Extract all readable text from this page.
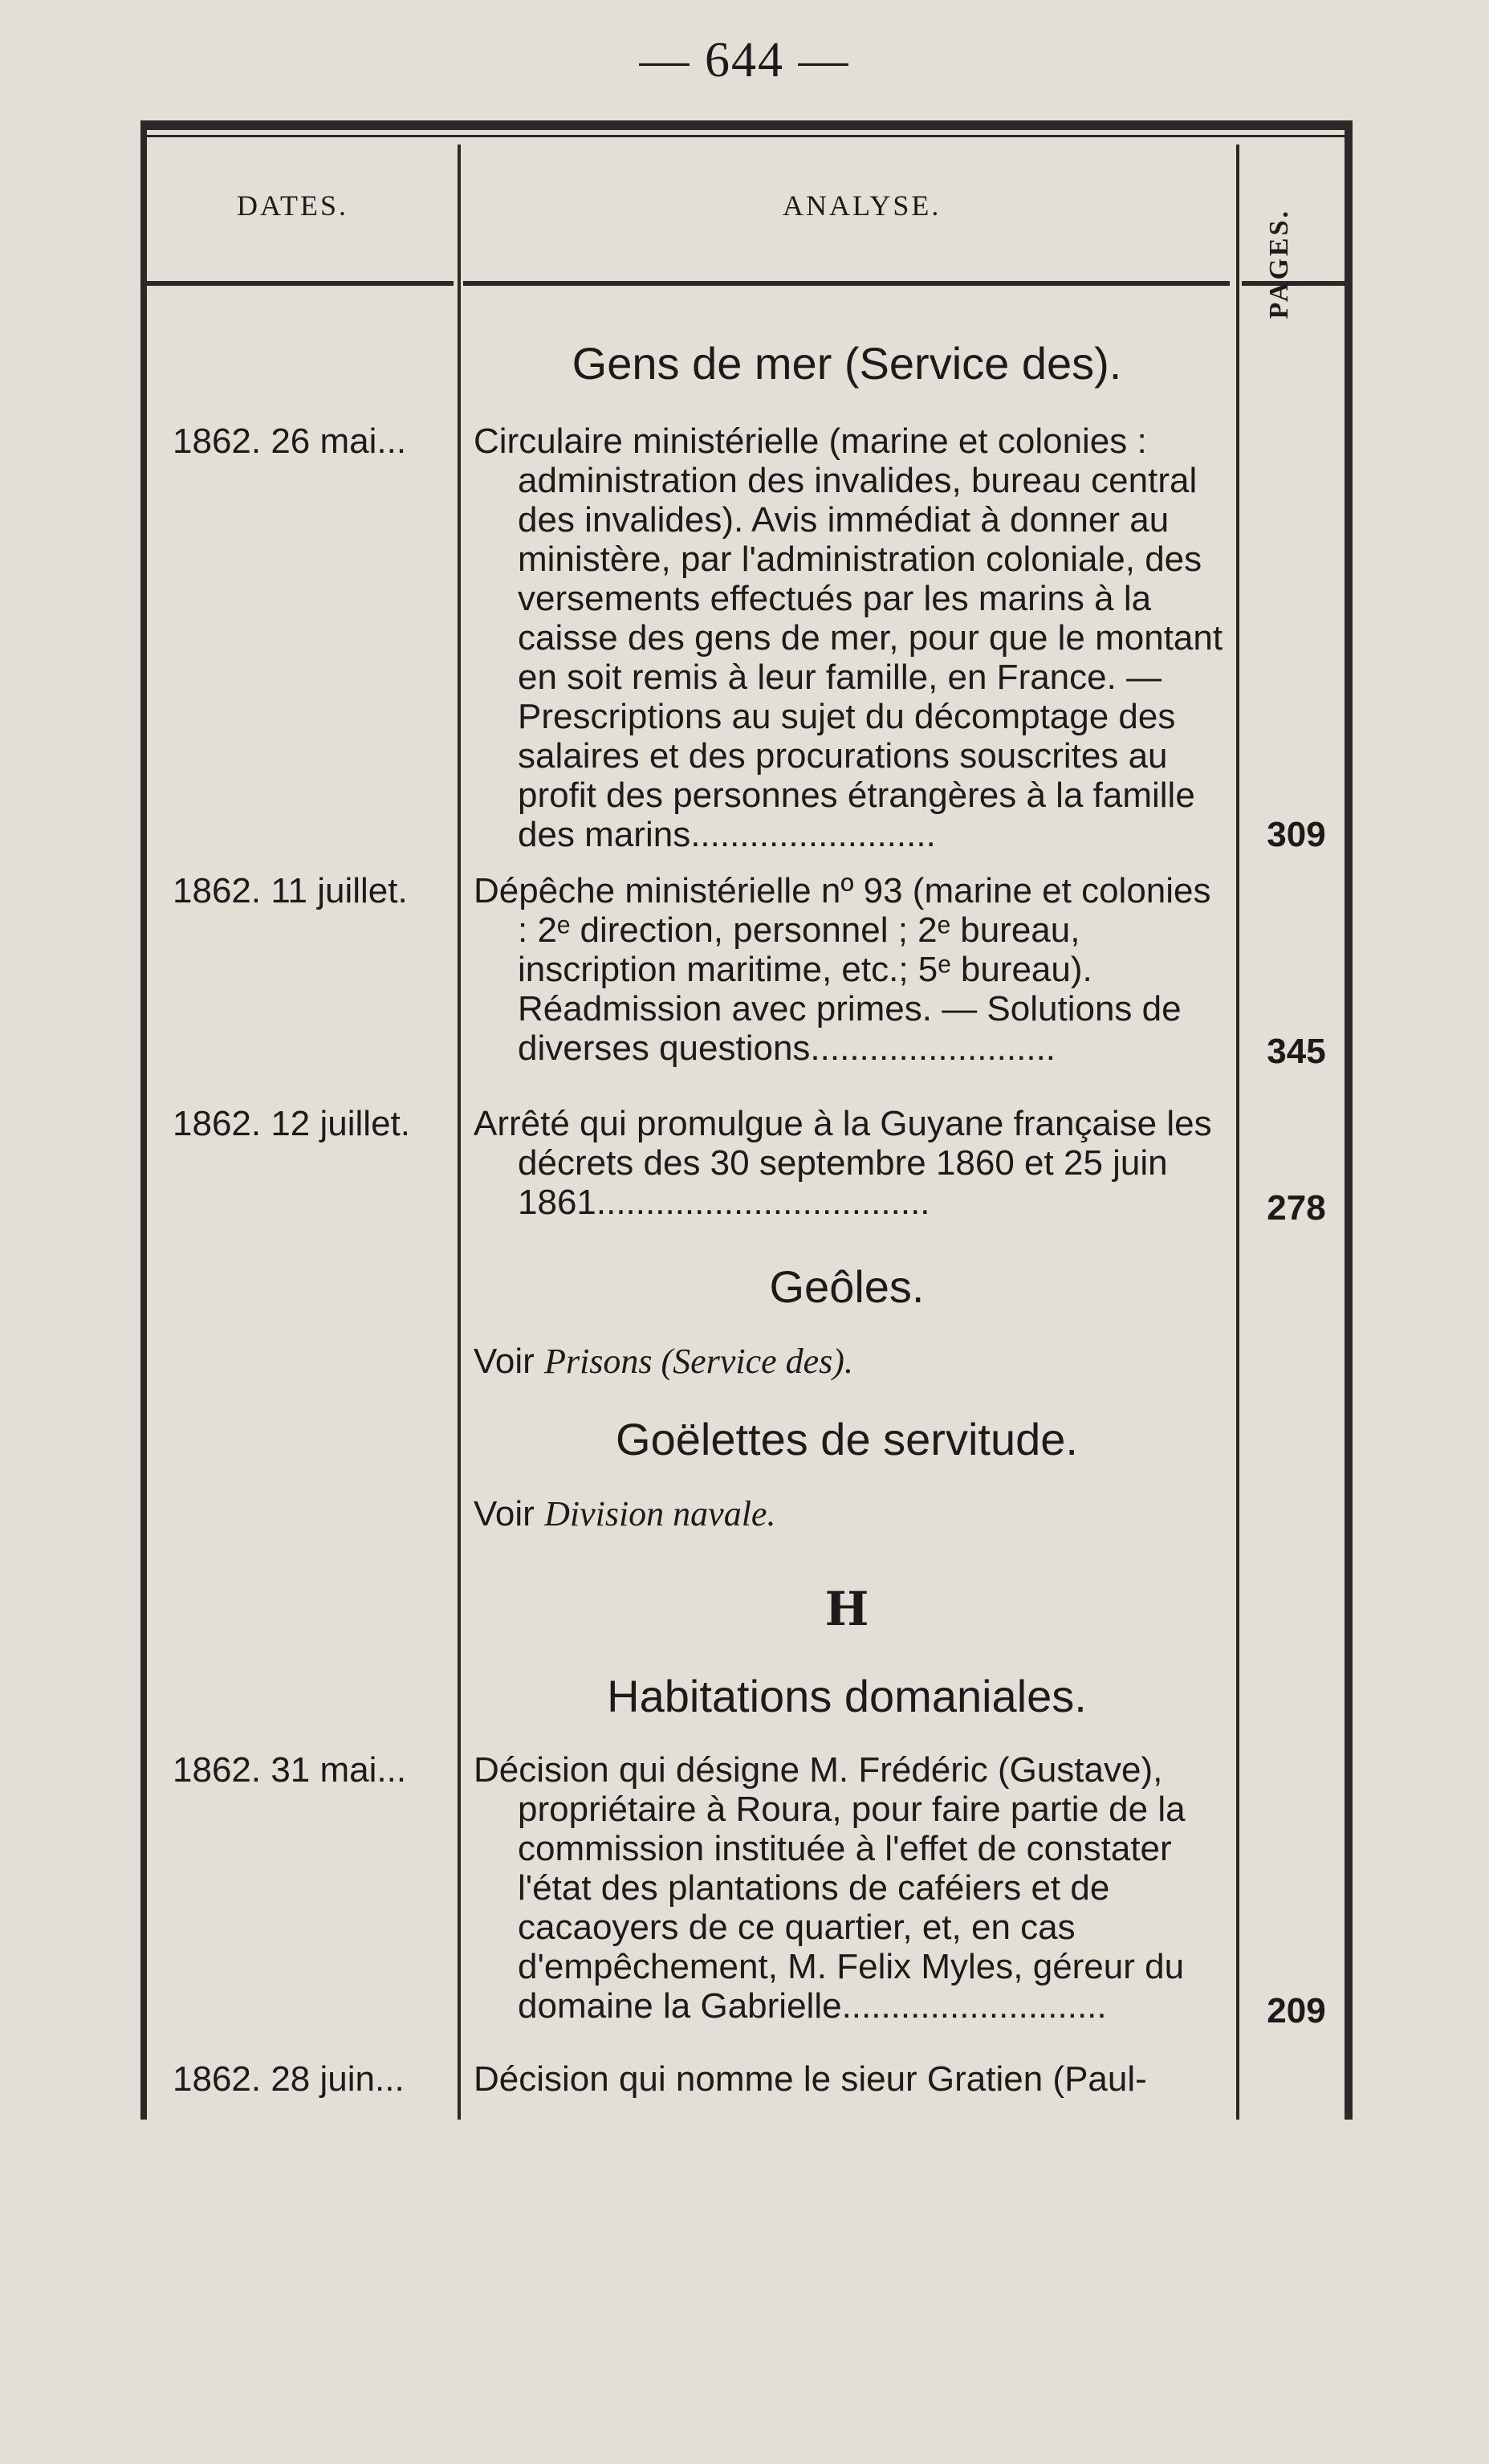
— 644 —
DATES.	ANALYSE.
PAGES.
Gens de mer (Service des).
1862. 26 mai...	Circulaire ministérielle (marine et colonies : administration des invalides, bureau central des invalides). Avis immédiat à donner au ministère, par l'administration coloniale, des versements effectués par les marins à la caisse des gens de mer, pour que le montant en soit remis à leur famille, en France. — Prescriptions au sujet du décomptage des salaires et des procurations souscrites au profit des personnes étrangères à la famille des marins.........................	309
1862. 11 juillet.	Dépêche ministérielle nº 93 (marine et colonies : 2ᵉ direction, personnel ; 2ᵉ bureau, inscription maritime, etc.; 5ᵉ bureau). Réadmission avec primes. — Solutions de diverses questions.........................	345
1862. 12 juillet.	Arrêté qui promulgue à la Guyane française les décrets des 30 septembre 1860 et 25 juin 1861..................................	278
Geôles.
Voir Prisons (Service des).
Goëlettes de servitude.
Voir Division navale.
H
Habitations domaniales.
1862. 31 mai...	Décision qui désigne M. Frédéric (Gustave), propriétaire à Roura, pour faire partie de la commission instituée à l'effet de constater l'état des plantations de caféiers et de cacaoyers de ce quartier, et, en cas d'empêchement, M. Felix Myles, géreur du domaine la Gabrielle...........................	209
1862. 28 juin...	Décision qui nomme le sieur Gratien (Paul-
